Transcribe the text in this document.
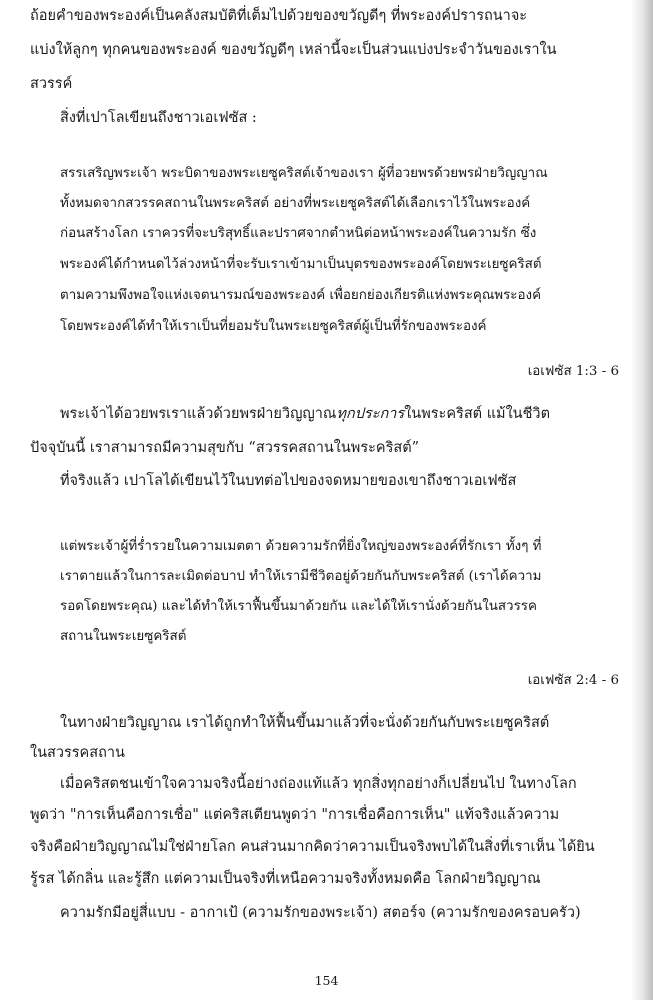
ถ้อยคำของพระองค์เป็นคลังสมบัติที่เต็มไปด้วยของขวัญดีๆ ที่พระองค์ปรารถนาจะ

แบ่งให้ลูกๆ ทุกคนของพระองค์ ของขวัญดีๆ เหล่านี้จะเป็นส่วนแบ่งประจำวันของเราใน

สวรรค์

สิ่งที่เปาโลเขียนถึงชาวเอเฟซัส :

สรรเสริญพระเจ้า พระบิดาของพระเยซูคริสต์เจ้าของเรา ผู้ที่อวยพรด้วยพรฝ่ายวิญญาณ

ทั้งหมดจากสวรรคสถานในพระคริสต์ อย่างที่พระเยซูคริสต์ได้เลือกเราไว้ในพระองค์

ก่อนสร้างโลก เราควรที่จะบริสุทธิ์และปราศจากตำหนิต่อหน้าพระองค์ในความรัก ซึ่ง

พระองค์ได้กำหนดไว้ล่วงหน้าที่จะรับเราเข้ามาเป็นบุตรของพระองค์โดยพระเยซูคริสต์

ตามความพึงพอใจแห่งเจตนารมณ์ของพระองค์ เพื่อยกย่องเกียรติแห่งพระคุณพระองค์

โดยพระองค์ได้ทำให้เราเป็นที่ยอมรับในพระเยซูคริสต์ผู้เป็นที่รักของพระองค์

เอเฟซัส 1:3 - 6

พระเจ้าได้อวยพรเราแล้วด้วยพรฝ่ายวิญญาณทุกประการในพระคริสต์ แม้ในชีวิต

ปัจจุบันนี้ เราสามารถมีความสุขกับ “สวรรคสถานในพระคริสต์”

ที่จริงแล้ว เปาโลได้เขียนไว้ในบทต่อไปของจดหมายของเขาถึงชาวเอเฟซัส

แต่พระเจ้าผู้ที่ร่ำรวยในความเมตตา ด้วยความรักที่ยิ่งใหญ่ของพระองค์ที่รักเรา ทั้งๆ ที่

เราตายแล้วในการละเมิดต่อบาป ทำให้เรามีชีวิตอยู่ด้วยกันกับพระคริสต์ (เราได้ความ

รอดโดยพระคุณ) และได้ทำให้เราฟื้นขึ้นมาด้วยกัน และได้ให้เรานั่งด้วยกันในสวรรค

สถานในพระเยซูคริสต์

เอเฟซัส 2:4 - 6

ในทางฝ่ายวิญญาณ เราได้ถูกทำให้ฟื้นขึ้นมาแล้วที่จะนั่งด้วยกันกับพระเยซูคริสต์

ในสวรรคสถาน

เมื่อคริสตชนเข้าใจความจริงนี้อย่างถ่องแท้แล้ว ทุกสิ่งทุกอย่างก็เปลี่ยนไป ในทางโลก

พูดว่า "การเห็นคือการเชื่อ" แต่คริสเตียนพูดว่า "การเชื่อคือการเห็น" แท้จริงแล้วความ

จริงคือฝ่ายวิญญาณไม่ใช่ฝ่ายโลก คนส่วนมากคิดว่าความเป็นจริงพบได้ในสิ่งที่เราเห็น ได้ยิน

รู้รส ได้กลิ่น และรู้สึก แต่ความเป็นจริงที่เหนือความจริงทั้งหมดคือ โลกฝ่ายวิญญาณ

ความรักมีอยู่สี่แบบ - อากาเป้ (ความรักของพระเจ้า) สตอร์จ (ความรักของครอบครัว)

154
